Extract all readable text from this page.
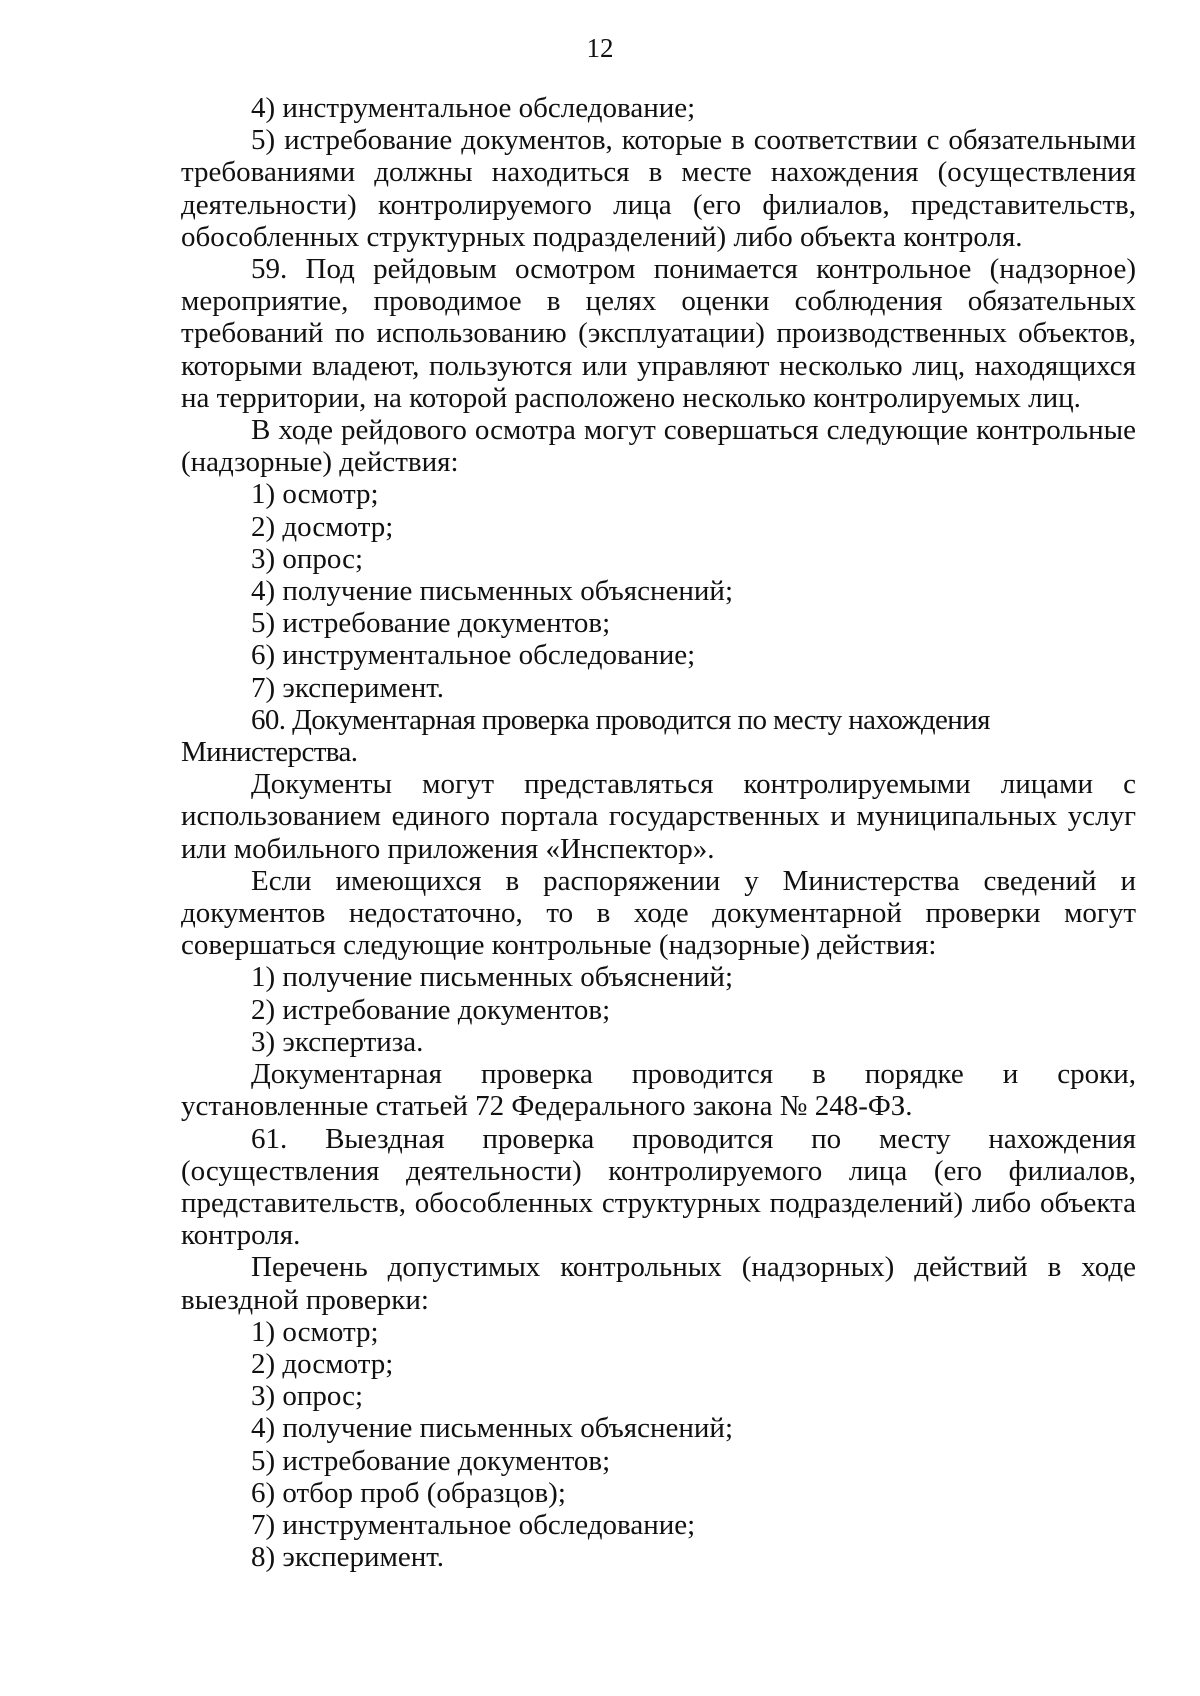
12

4) инструментальное обследование;

5) истребование документов, которые в соответствии с обязательными требованиями должны находиться в месте нахождения (осуществления деятельности) контролируемого лица (его филиалов, представительств, обособленных структурных подразделений) либо объекта контроля.

59. Под рейдовым осмотром понимается контрольное (надзорное) мероприятие, проводимое в целях оценки соблюдения обязательных требований по использованию (эксплуатации) производственных объектов, которыми владеют, пользуются или управляют несколько лиц, находящихся на территории, на которой расположено несколько контролируемых лиц.

В ходе рейдового осмотра могут совершаться следующие контрольные (надзорные) действия:

1) осмотр;

2) досмотр;

3) опрос;

4) получение письменных объяснений;

5) истребование документов;

6) инструментальное обследование;

7) эксперимент.

60. Документарная проверка проводится по месту нахождения Министерства.

Документы могут представляться контролируемыми лицами с использованием единого портала государственных и муниципальных услуг или мобильного приложения «Инспектор».

Если имеющихся в распоряжении у Министерства сведений и документов недостаточно, то в ходе документарной проверки могут совершаться следующие контрольные (надзорные) действия:

1) получение письменных объяснений;

2) истребование документов;

3) экспертиза.

Документарная проверка проводится в порядке и сроки, установленные статьей 72 Федерального закона № 248-ФЗ.

61. Выездная проверка проводится по месту нахождения (осуществления деятельности) контролируемого лица (его филиалов, представительств, обособленных структурных подразделений) либо объекта контроля.

Перечень допустимых контрольных (надзорных) действий в ходе выездной проверки:

1) осмотр;

2) досмотр;

3) опрос;

4) получение письменных объяснений;

5) истребование документов;

6) отбор проб (образцов);

7) инструментальное обследование;

8) эксперимент.
